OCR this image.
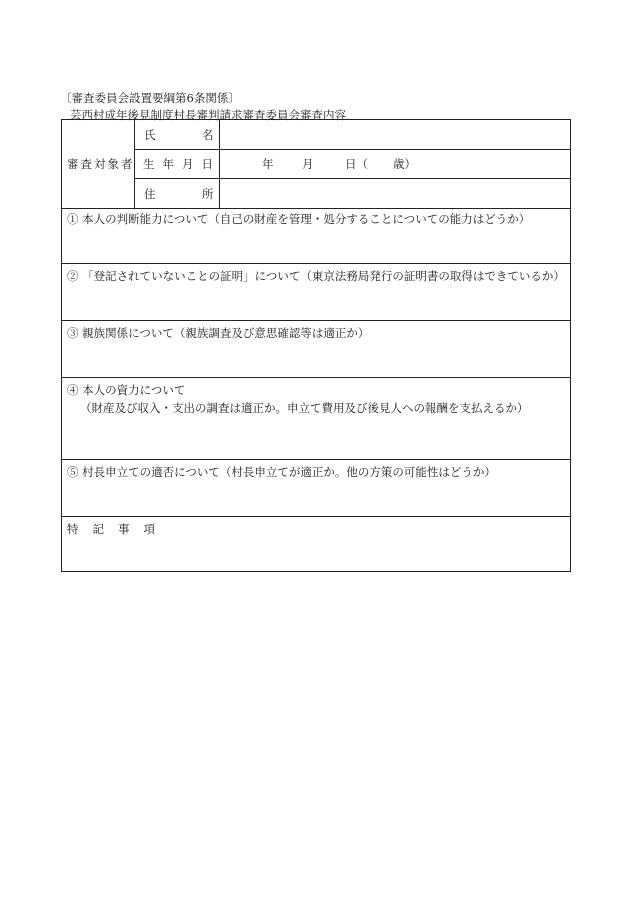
〔審査委員会設置要綱第6条関係〕
芸西村成年後見制度村長審判請求審査委員会審査内容
審査対象者
氏	名
生 年 月 日	年 月	日（ 歳）
住	所
① 本人の判断能力について（自己の財産を管理・処分することについての能力はどうか）
② 「登記されていないことの証明」について（東京法務局発行の証明書の取得はできているか）
③ 親族関係について（親族調査及び意思確認等は適正か）
④ 本人の資力について
（財産及び収入・支出の調査は適正か。申立て費用及び後見人への報酬を支払えるか）
⑤ 村長申立ての適否について（村長申立てが適正か。他の方策の可能性はどうか）
特 記 事 項
